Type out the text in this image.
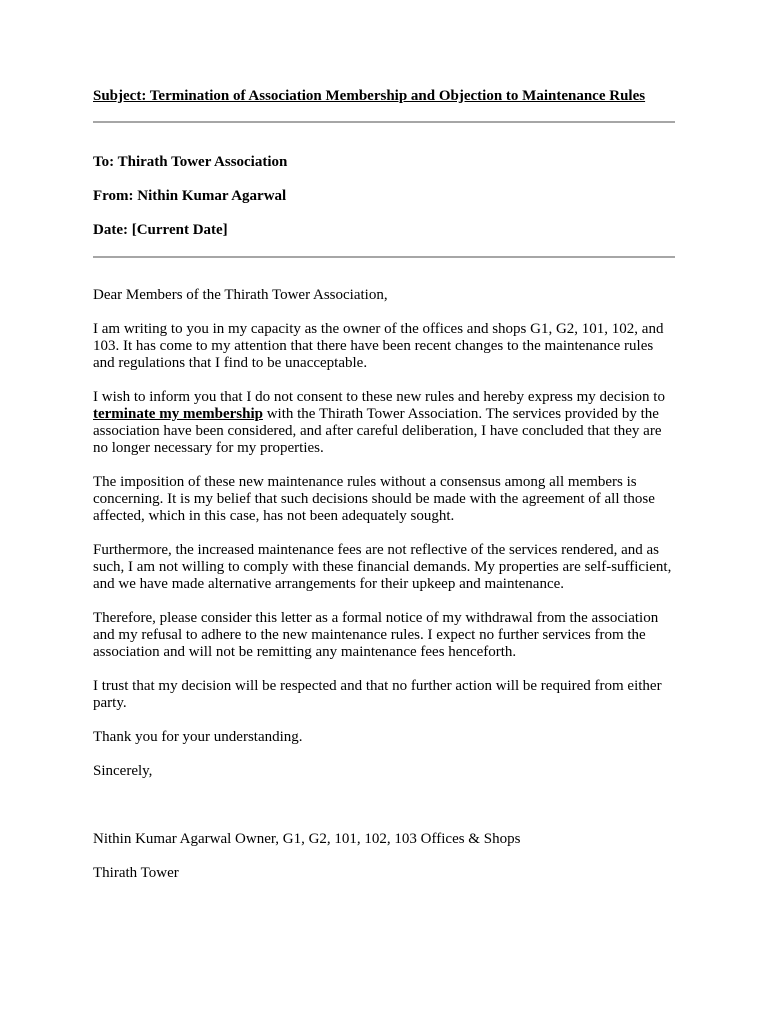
Subject: Termination of Association Membership and Objection to Maintenance Rules
To: Thirath Tower Association
From: Nithin Kumar Agarwal
Date: [Current Date]

Dear Members of the Thirath Tower Association,

I am writing to you in my capacity as the owner of the offices and shops G1, G2, 101, 102, and 103. It has come to my attention that there have been recent changes to the maintenance rules and regulations that I find to be unacceptable.

I wish to inform you that I do not consent to these new rules and hereby express my decision to terminate my membership with the Thirath Tower Association. The services provided by the association have been considered, and after careful deliberation, I have concluded that they are no longer necessary for my properties.

The imposition of these new maintenance rules without a consensus among all members is concerning. It is my belief that such decisions should be made with the agreement of all those affected, which in this case, has not been adequately sought.

Furthermore, the increased maintenance fees are not reflective of the services rendered, and as such, I am not willing to comply with these financial demands. My properties are self-sufficient, and we have made alternative arrangements for their upkeep and maintenance.

Therefore, please consider this letter as a formal notice of my withdrawal from the association and my refusal to adhere to the new maintenance rules. I expect no further services from the association and will not be remitting any maintenance fees henceforth.

I trust that my decision will be respected and that no further action will be required from either party.

Thank you for your understanding.

Sincerely,

Nithin Kumar Agarwal Owner, G1, G2, 101, 102, 103 Offices & Shops

Thirath Tower
